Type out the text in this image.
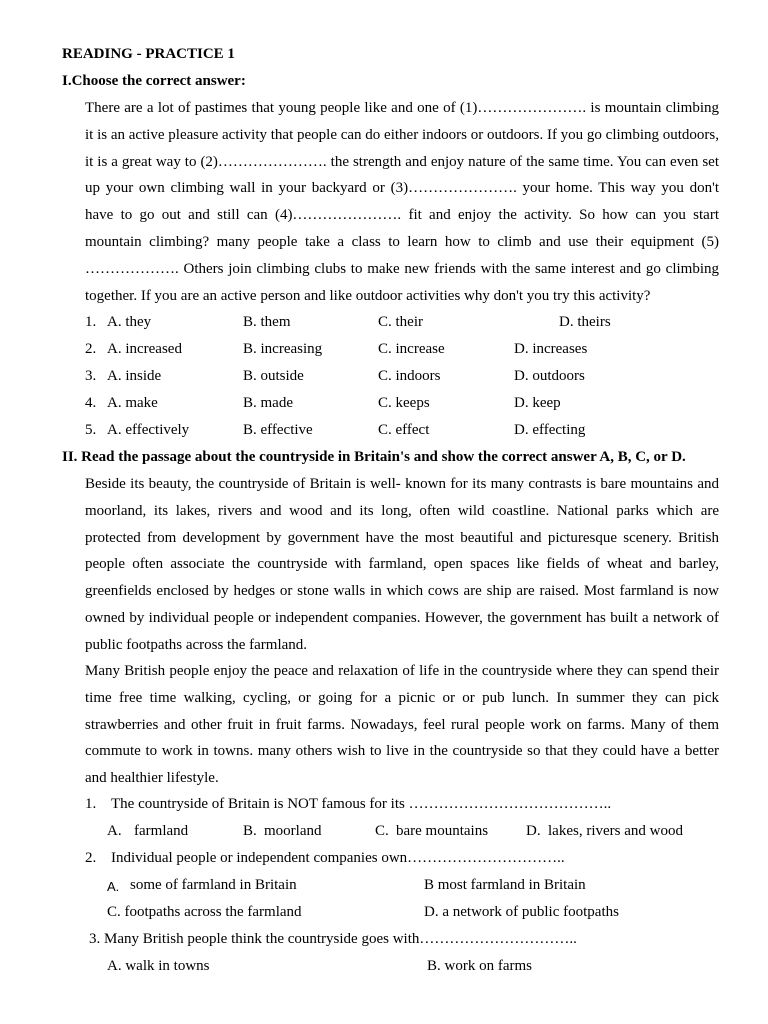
READING - PRACTICE 1
I.Choose the correct answer:
There are a lot of pastimes that young people like and one of (1)…………………. is mountain climbing it is an active pleasure activity that people can do either indoors or outdoors. If you go climbing outdoors, it is a great way to (2)…………………. the strength and enjoy nature of the same time. You can even set up your own climbing wall in your backyard or (3)…………………. your home. This way you don't have to go out and still can (4)…………………. fit and enjoy the activity. So how can you start mountain climbing? many people take a class to learn how to climb and use their equipment (5) ………………. Others join climbing clubs to make new friends with the same interest and go climbing together. If you are an active person and like outdoor activities why don't you try this activity?
1. A. they	B. them	C. their	D. theirs
2. A. increased	B. increasing	C. increase	D. increases
3. A. inside	B. outside	C. indoors	D. outdoors
4. A. make	B. made	C. keeps	D. keep
5. A. effectively	B. effective	C. effect	D. effecting
II. Read the passage about the countryside in Britain's and show the correct answer A, B, C, or D.
Beside its beauty, the countryside of Britain is well- known for its many contrasts is bare mountains and moorland, its lakes, rivers and wood and its long, often wild coastline. National parks which are protected from development by government have the most beautiful and picturesque scenery. British people often associate the countryside with farmland, open spaces like fields of wheat and barley, greenfields enclosed by hedges or stone walls in which cows are ship are raised. Most farmland is now owned by individual people or independent companies. However, the government has built a network of public footpaths across the farmland.
Many British people enjoy the peace and relaxation of life in the countryside where they can spend their time free time walking, cycling, or going for a picnic or or pub lunch. In summer they can pick strawberries and other fruit in fruit farms. Nowadays, feel rural people work on farms. Many of them commute to work in towns. many others wish to live in the countryside so that they could have a better and healthier lifestyle.
1. The countryside of Britain is NOT famous for its …………………………………..
A. farmland	B. moorland	C. bare mountains	D. lakes, rivers and wood
2. Individual people or independent companies own…………………………..
A. some of farmland in Britain	B most farmland in Britain
C. footpaths across the farmland	D. a network of public footpaths
3. Many British people think the countryside goes with…………………………..
A. walk in towns	B. work on farms
